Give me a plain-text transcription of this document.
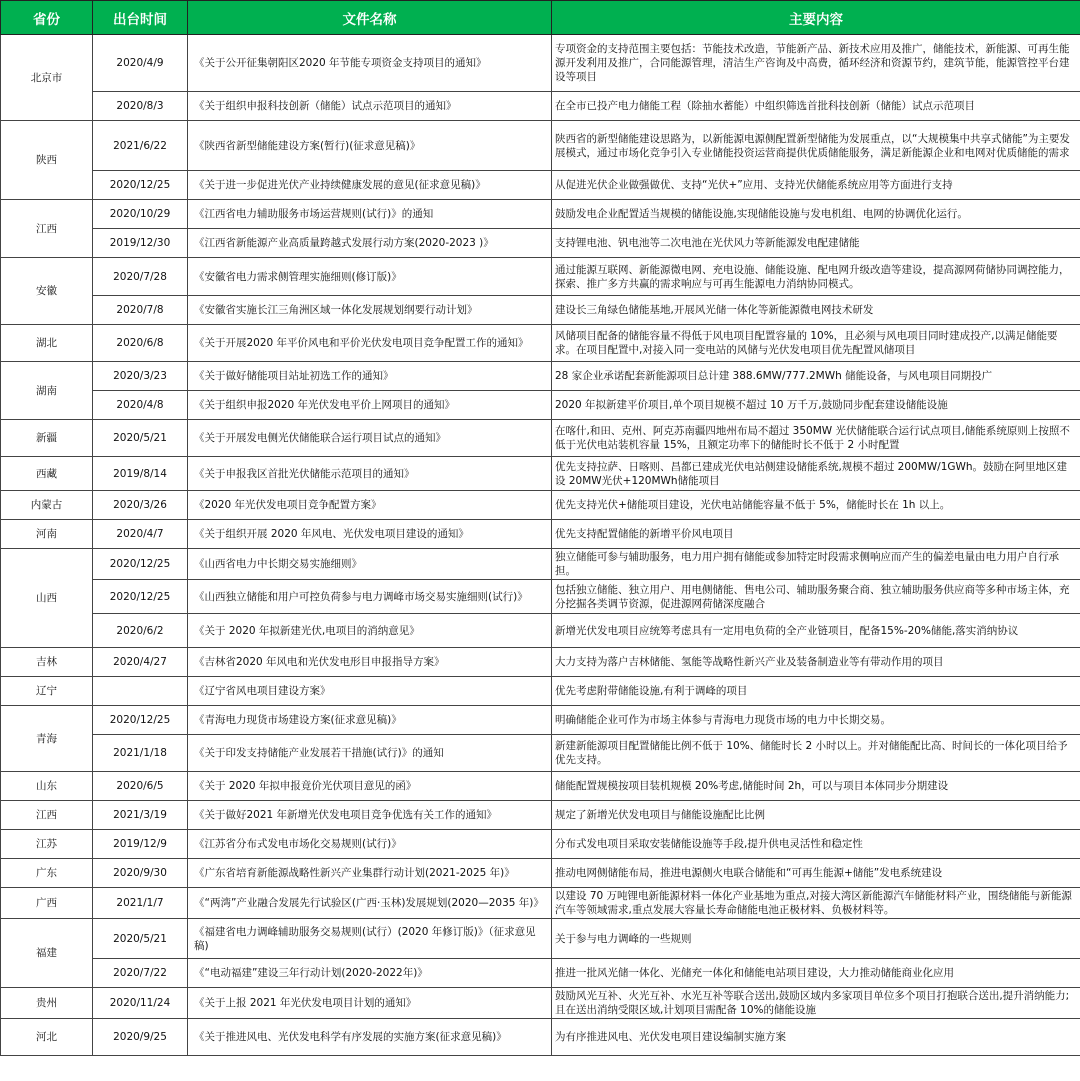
省份	出台时间	文件名称	主要内容
北京市	2020/4/9	《关于公开征集朝阳区2020 年节能专项资金支持项目的通知》	专项资金的支持范围主要包括：节能技术改造，节能新产品、新技术应用及推广，储能技术，新能源、可再生能源开发利用及推广，合同能源管理，清洁生产咨询及中高费，循环经济和资源节约，建筑节能，能源管控平台建设等项目
	2020/8/3	《关于组织申报科技创新（储能）试点示范项目的通知》	在全市已投产电力储能工程（除抽水蓄能）中组织筛选首批科技创新（储能）试点示范项目
陕西	2021/6/22	《陕西省新型储能建设方案(暂行)(征求意见稿)》	陕西省的新型储能建设思路为，以新能源电源侧配置新型储能为发展重点，以“大规模集中共享式储能”为主要发展模式，通过市场化竞争引入专业储能投资运营商提供优质储能服务，满足新能源企业和电网对优质储能的需求
	2020/12/25	《关于进一步促进光伏产业持续健康发展的意见(征求意见稿)》	从促进光伏企业做强做优、支持“光伏+”应用、支持光伏储能系统应用等方面进行支持
江西	2020/10/29	《江西省电力辅助服务市场运营规则(试行)》的通知	鼓励发电企业配置适当规模的储能设施,实现储能设施与发电机组、电网的协调优化运行。
	2019/12/30	《江西省新能源产业高质量跨越式发展行动方案(2020-2023 )》	支持锂电池、钒电池等二次电池在光伏风力等新能源发电配建储能
安徽	2020/7/28	《安徽省电力需求侧管理实施细则(修订版)》	通过能源互联网、新能源微电网、充电设施、储能设施、配电网升级改造等建设，提高源网荷储协同调控能力，探索、推广多方共赢的需求响应与可再生能源电力消纳协同模式。
	2020/7/8	《安徽省实施长江三角洲区域一体化发展规划纲要行动计划》	建设长三角绿色储能基地,开展风光储一体化等新能源微电网技术研发
湖北	2020/6/8	《关于开展2020 年平价风电和平价光伏发电项目竞争配置工作的通知》	风储项目配备的储能容量不得低于风电项目配置容量的 10%，且必须与风电项目同时建成投产,以满足储能要求。在项目配置中,对接入同一变电站的风储与光伏发电项目优先配置风储项目
湖南	2020/3/23	《关于做好储能项目站址初选工作的通知》	28 家企业承诺配套新能源项目总计建 388.6MW/777.2MWh 储能设备，与风电项目同期投广
	2020/4/8	《关于组织申报2020 年光伏发电平价上网项目的通知》	2020 年拟新建平价项目,单个项目规模不超过 10 万千万,鼓励同步配套建设储能设施
新疆	2020/5/21	《关于开展发电侧光伏储能联合运行项目试点的通知》	在喀什,和田、克州、阿克苏南疆四地州布局不超过 350MW 光伏储能联合运行试点项目,储能系统原则上按照不低于光伏电站装机容量 15%，且额定功率下的储能时长不低于 2 小时配置
西藏	2019/8/14	《关于申报我区首批光伏储能示范项目的通知》	优先支持拉萨、日喀则、昌都已建成光伏电站侧建设储能系统,规模不超过 200MW/1GWh。鼓励在阿里地区建设 20MW光伏+120MWh储能项目
内蒙古	2020/3/26	《2020 年光伏发电项目竞争配置方案》	优先支持光伏+储能项目建设，光伏电站储能容量不低于 5%，储能时长在 1h 以上。
河南	2020/4/7	《关于组织开展 2020 年风电、光伏发电项目建设的通知》	优先支持配置储能的新增平价风电项目
山西	2020/12/25	《山西省电力中长期交易实施细则》	独立储能可参与辅助服务，电力用户拥有储能或参加特定时段需求侧响应而产生的偏差电量由电力用户自行承担。
	2020/12/25	《山西独立储能和用户可控负荷参与电力调峰市场交易实施细则(试行)》	包括独立储能、独立用户、用电侧储能、售电公司、辅助服务聚合商、独立辅助服务供应商等多种市场主体，充分挖掘各类调节资源，促进源网荷储深度融合
	2020/6/2	《关于 2020 年拟新建光伏,电项目的消纳意见》	新增光伏发电项目应统筹考虑具有一定用电负荷的全产业链项目，配备15%-20%储能,落实消纳协议
吉林	2020/4/27	《吉林省2020 年风电和光伏发电形目申报指导方案》	大力支持为落户吉林储能、氢能等战略性新兴产业及装备制造业等有带动作用的项目
辽宁		《辽宁省风电项目建设方案》	优先考虑附带储能设施,有利于调峰的项目
青海	2020/12/25	《青海电力现货市场建设方案(征求意见稿)》	明确储能企业可作为市场主体参与青海电力现货市场的电力中长期交易。
	2021/1/18	《关于印发支持储能产业发展若干措施(试行)》的通知	新建新能源项目配置储能比例不低于 10%、储能时长 2 小时以上。并对储能配比高、时间长的一体化项目给予优先支持。
山东	2020/6/5	《关于 2020 年拟申报竟价光伏项目意见的函》	储能配置规模按项目装机规模 20%考虑,储能时间 2h，可以与项目本体同步分期建设
江西	2021/3/19	《关于做好2021 年新增光伏发电项目竞争优选有关工作的通知》	规定了新增光伏发电项目与储能设施配比比例
江苏	2019/12/9	《江苏省分布式发电市场化交易规则(试行)》	分布式发电项目采取安装储能设施等手段,提升供电灵活性和稳定性
广东	2020/9/30	《广东省培育新能源战略性新兴产业集群行动计划(2021-2025 年)》	推动电网侧储能布局，推进电源侧火电联合储能和“可再生能源+储能”发电系统建设
广西	2021/1/7	《“两湾”产业融合发展先行试验区(广西·玉林)发展规划(2020—2035 年)》	以建设 70 万吨锂电新能源材料一体化产业基地为重点,对接大湾区新能源汽车储能材料产业，围绕储能与新能源汽车等领域需求,重点发展大容量长寿命储能电池正极材料、负极材料等。
福建	2020/5/21	《福建省电力调峰辅助服务交易规则(试行）(2020 年修订版)》（征求意见稿)	关于参与电力调峰的一些规则
	2020/7/22	《“电动福建”建设三年行动计划(2020-2022年)》	推进一批风光储一体化、光储充一体化和储能电站项目建设，大力推动储能商业化应用
贵州	2020/11/24	《关于上报 2021 年光伏发电项目计划的通知》	鼓励风光互补、火光互补、水光互补等联合送出,鼓励区域内多家项目单位多个项目打抱联合送出,提升消纳能力;且在送出消纳受限区域,计划项目需配备 10%的储能设施
河北	2020/9/25	《关于推进风电、光伏发电科学有序发展的实施方案(征求意见稿)》	为有序推进风电、光伏发电项目建设编制实施方案
